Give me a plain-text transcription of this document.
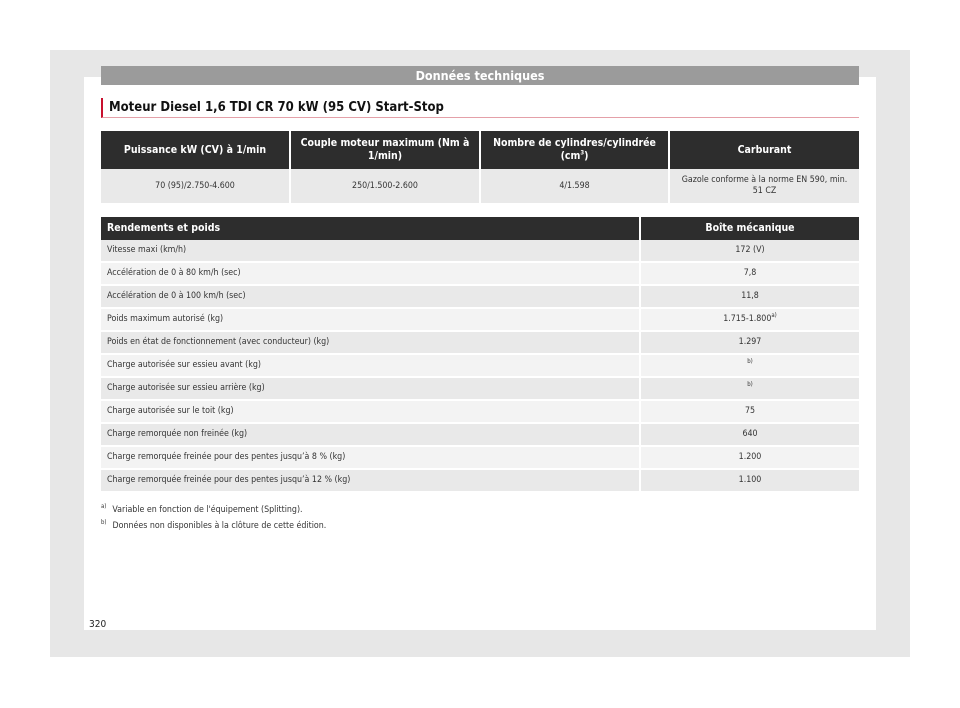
Données techniques
Moteur Diesel 1,6 TDI CR 70 kW (95 CV) Start-Stop
Puissance kW (CV) à 1/min	Couple moteur maximum (Nm à 1/min)	Nombre de cylindres/cylindrée $(cm^3)$	Carburant
70 (95)/2.750-4.600	250/1.500-2.600	4/1.598	Gazole conforme à la norme EN 590, min. 51 CZ
Rendements et poids	Boîte mécanique
Vitesse maxi (km/h)	172 (V)
Accélération de 0 à 80 km/h (sec)	7,8
Accélération de 0 à 100 km/h (sec)	11,8
Poids maximum autorisé (kg)	1.715-1.800$^{a)}$
Poids en état de fonctionnement (avec conducteur) (kg)	1.297
Charge autorisée sur essieu avant (kg)	$^{b)}$
Charge autorisée sur essieu arrière (kg)	$^{b)}$
Charge autorisée sur le toit (kg)	75
Charge remorquée non freinée (kg)	640
Charge remorquée freinée pour des pentes jusqu’à 8 % (kg)	1.200
Charge remorquée freinée pour des pentes jusqu’à 12 % (kg)	1.100
$^{a)}$ Variable en fonction de l'équipement (Splitting).
$^{b)}$ Données non disponibles à la clôture de cette édition.
320
